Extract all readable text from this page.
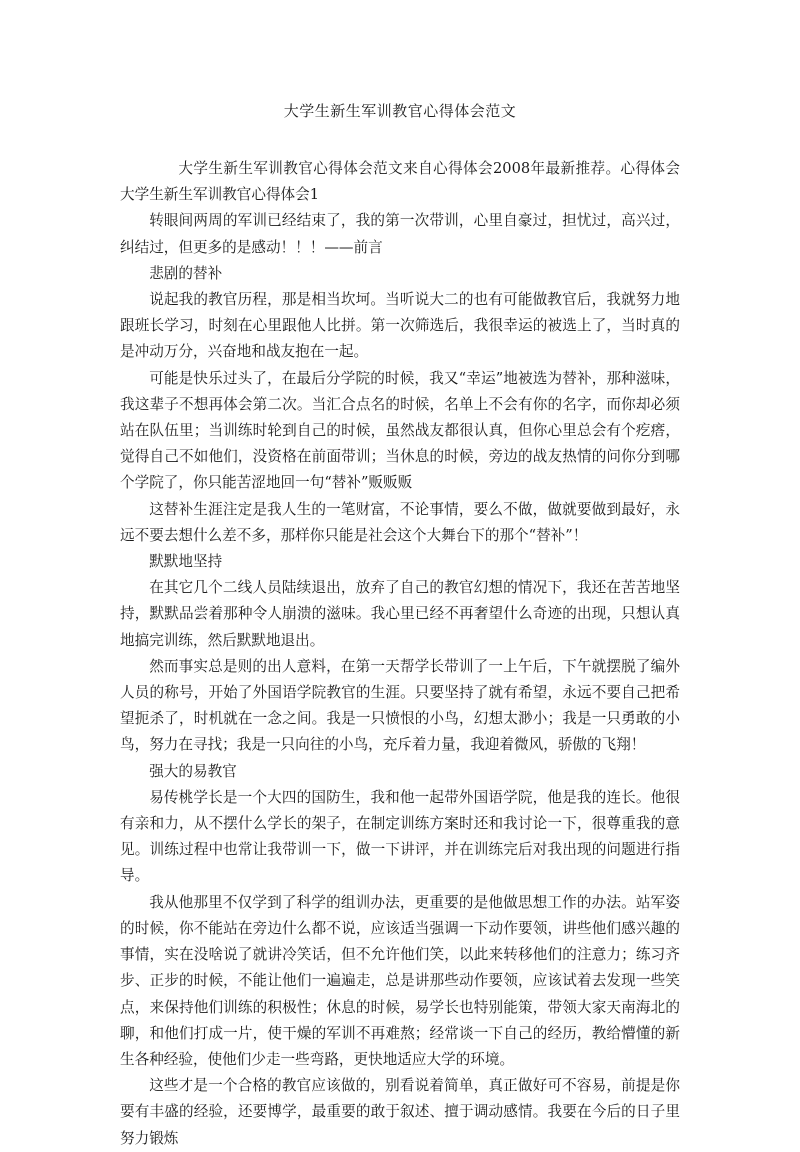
大学生新生军训教官心得体会范文

大学生新生军训教官心得体会范文来自心得体会2008年最新推荐。心得体会大学生新生军训教官心得体会1

转眼间两周的军训已经结束了，我的第一次带训，心里自豪过，担忧过，高兴过，纠结过，但更多的是感动！！！——前言

悲剧的替补

说起我的教官历程，那是相当坎坷。当听说大二的也有可能做教官后，我就努力地跟班长学习，时刻在心里跟他人比拼。第一次筛选后，我很幸运的被选上了，当时真的是冲动万分，兴奋地和战友抱在一起。

可能是快乐过头了，在最后分学院的时候，我又“幸运”地被选为替补，那种滋味，我这辈子不想再体会第二次。当汇合点名的时候，名单上不会有你的名字，而你却必须站在队伍里；当训练时轮到自己的时候，虽然战友都很认真，但你心里总会有个疙瘩，觉得自己不如他们，没资格在前面带训；当休息的时候，旁边的战友热情的问你分到哪个学院了，你只能苦涩地回一句“替补”贩贩贩

这替补生涯注定是我人生的一笔财富，不论事情，要么不做，做就要做到最好，永远不要去想什么差不多，那样你只能是社会这个大舞台下的那个“替补”！

默默地坚持

在其它几个二线人员陆续退出，放弃了自己的教官幻想的情况下，我还在苦苦地坚持，默默品尝着那种令人崩溃的滋味。我心里已经不再奢望什么奇迹的出现，只想认真地搞完训练，然后默默地退出。

然而事实总是则的出人意料，在第一天帮学长带训了一上午后，下午就摆脱了编外人员的称号，开始了外国语学院教官的生涯。只要坚持了就有希望，永远不要自己把希望扼杀了，时机就在一念之间。我是一只愤恨的小鸟，幻想太渺小；我是一只勇敢的小鸟，努力在寻找；我是一只向往的小鸟，充斥着力量，我迎着微风，骄傲的飞翔！

强大的易教官

易传桃学长是一个大四的国防生，我和他一起带外国语学院，他是我的连长。他很有亲和力，从不摆什么学长的架子，在制定训练方案时还和我讨论一下，很尊重我的意见。训练过程中也常让我带训一下，做一下讲评，并在训练完后对我出现的问题进行指导。

我从他那里不仅学到了科学的组训办法，更重要的是他做思想工作的办法。站军姿的时候，你不能站在旁边什么都不说，应该适当强调一下动作要领，讲些他们感兴趣的事情，实在没啥说了就讲冷笑话，但不允许他们笑，以此来转移他们的注意力；练习齐步、正步的时候，不能让他们一遍遍走，总是讲那些动作要领，应该试着去发现一些笑点，来保持他们训练的积极性；休息的时候，易学长也特别能策，带领大家天南海北的聊，和他们打成一片，使干燥的军训不再难熬；经常谈一下自己的经历，教给懵懂的新生各种经验，使他们少走一些弯路，更快地适应大学的环境。

这些才是一个合格的教官应该做的，别看说着简单，真正做好可不容易，前提是你要有丰盛的经验，还要博学，最重要的敢于叙述、擅于调动感情。我要在今后的日子里努力锻炼
